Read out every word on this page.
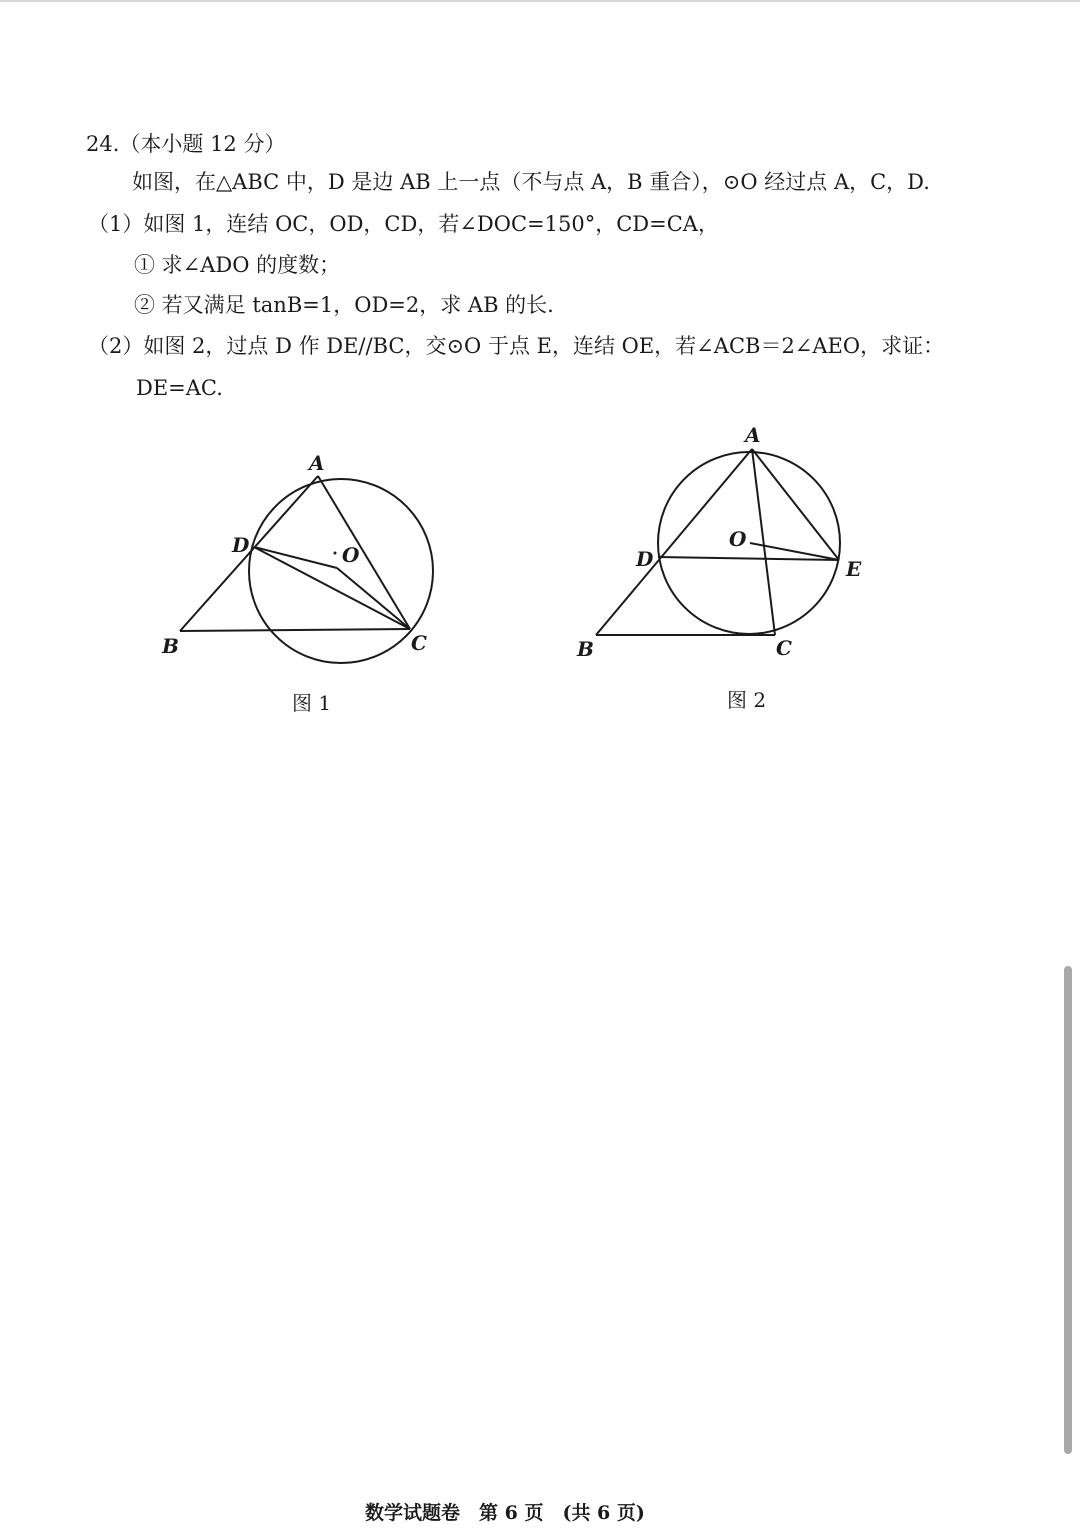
24.（本小题 12 分）
如图，在△ABC 中，D 是边 AB 上一点（不与点 A，B 重合），⊙O 经过点 A，C，D.
（1）如图 1，连结 OC，OD，CD，若∠DOC=150°，CD=CA，
① 求∠ADO 的度数；
② 若又满足 tanB=1，OD=2，求 AB 的长.
（2）如图 2，过点 D 作 DE//BC，交⊙O 于点 E，连结 OE，若∠ACB＝2∠AEO，求证：
DE=AC.
A
D	O
B	C
图 1
A
O
D	E
B	C
图 2
数学试题卷　第 6 页　(共 6 页)
